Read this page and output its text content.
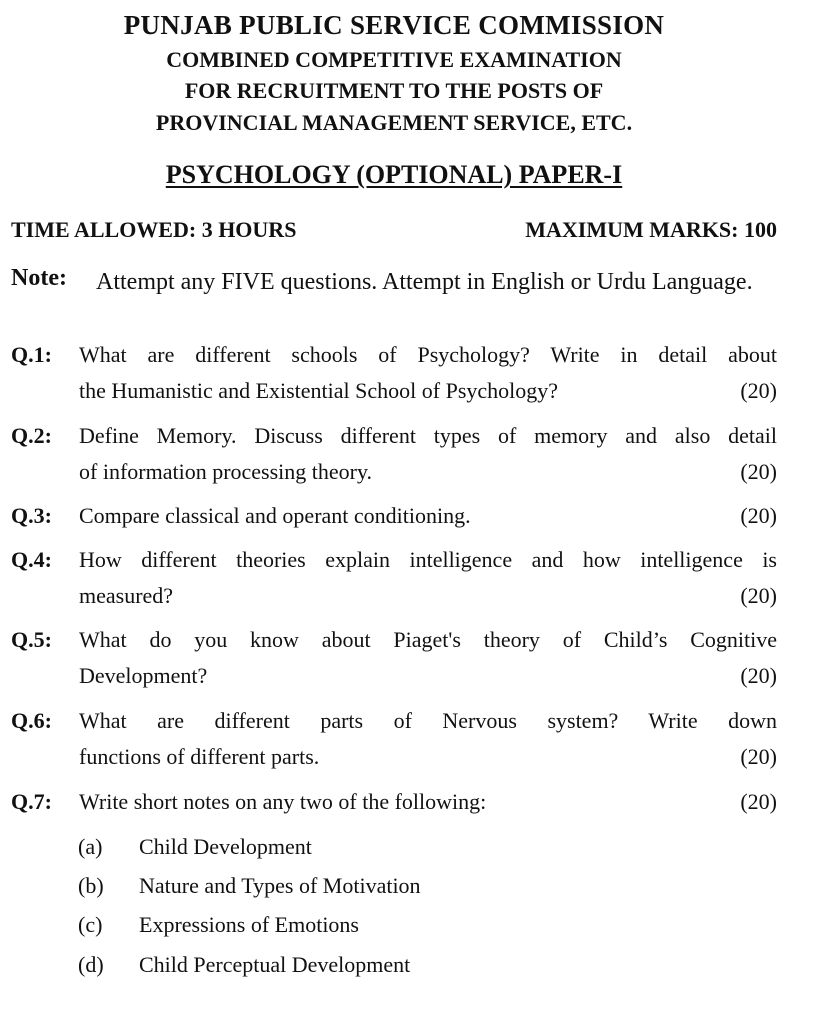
PUNJAB PUBLIC SERVICE COMMISSION
COMBINED COMPETITIVE EXAMINATION
FOR RECRUITMENT TO THE POSTS OF
PROVINCIAL MANAGEMENT SERVICE, ETC.
PSYCHOLOGY (OPTIONAL) PAPER-I
TIME ALLOWED: 3 HOURS	MAXIMUM MARKS: 100
Note: Attempt any FIVE questions. Attempt in English or Urdu Language.
Q.1: What are different schools of Psychology? Write in detail about
the Humanistic and Existential School of Psychology?	(20)
Q.2: Define Memory. Discuss different types of memory and also detail
of information processing theory.	(20)
Q.3: Compare classical and operant conditioning.	(20)
Q.4: How different theories explain intelligence and how intelligence is
measured?	(20)
Q.5: What do you know about Piaget's theory of Child’s Cognitive
Development?	(20)
Q.6: What are different parts of Nervous system? Write down
functions of different parts.	(20)
Q.7: Write short notes on any two of the following:	(20)
(a) Child Development
(b) Nature and Types of Motivation
(c) Expressions of Emotions
(d) Child Perceptual Development
